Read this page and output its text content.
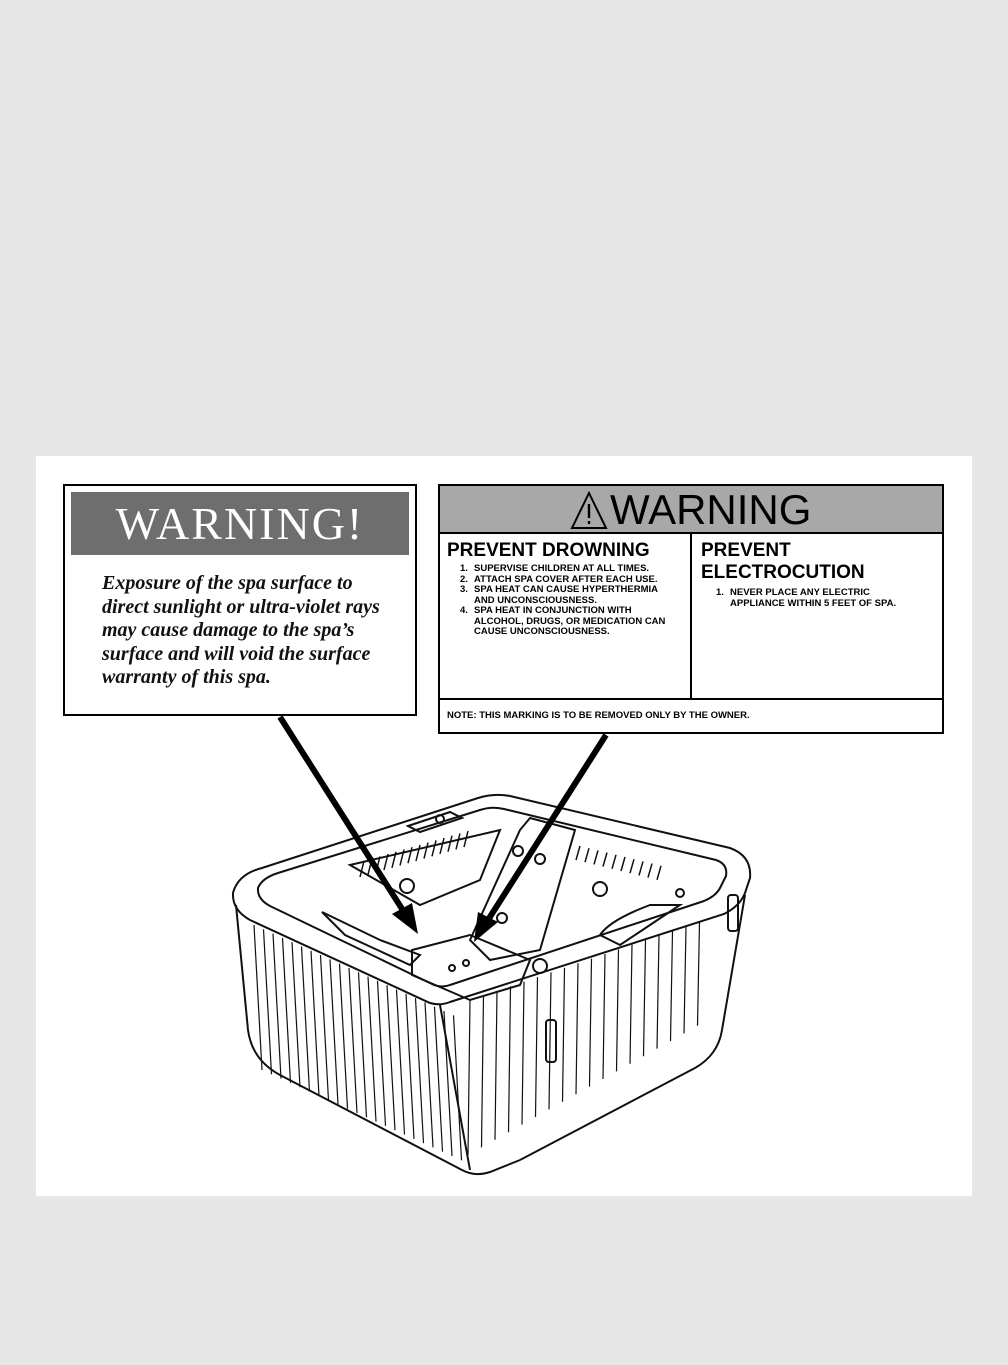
WARNING!
Exposure of the spa surface to direct sunlight or ultra-violet rays may cause damage to the spa’s surface and will void the surface warranty of this spa.
WARNING
PREVENT DROWNING
1. SUPERVISE CHILDREN AT ALL TIMES.
2. ATTACH SPA COVER AFTER EACH USE.
3. SPA HEAT CAN CAUSE HYPERTHERMIA AND UNCONSCIOUSNESS.
4. SPA HEAT IN CONJUNCTION WITH ALCOHOL, DRUGS, OR MEDICATION CAN CAUSE UNCONSCIOUSNESS.
PREVENT ELECTROCUTION
1. NEVER PLACE ANY ELECTRIC APPLIANCE WITHIN 5 FEET OF SPA.
NOTE: THIS MARKING IS TO BE REMOVED ONLY BY THE OWNER.
